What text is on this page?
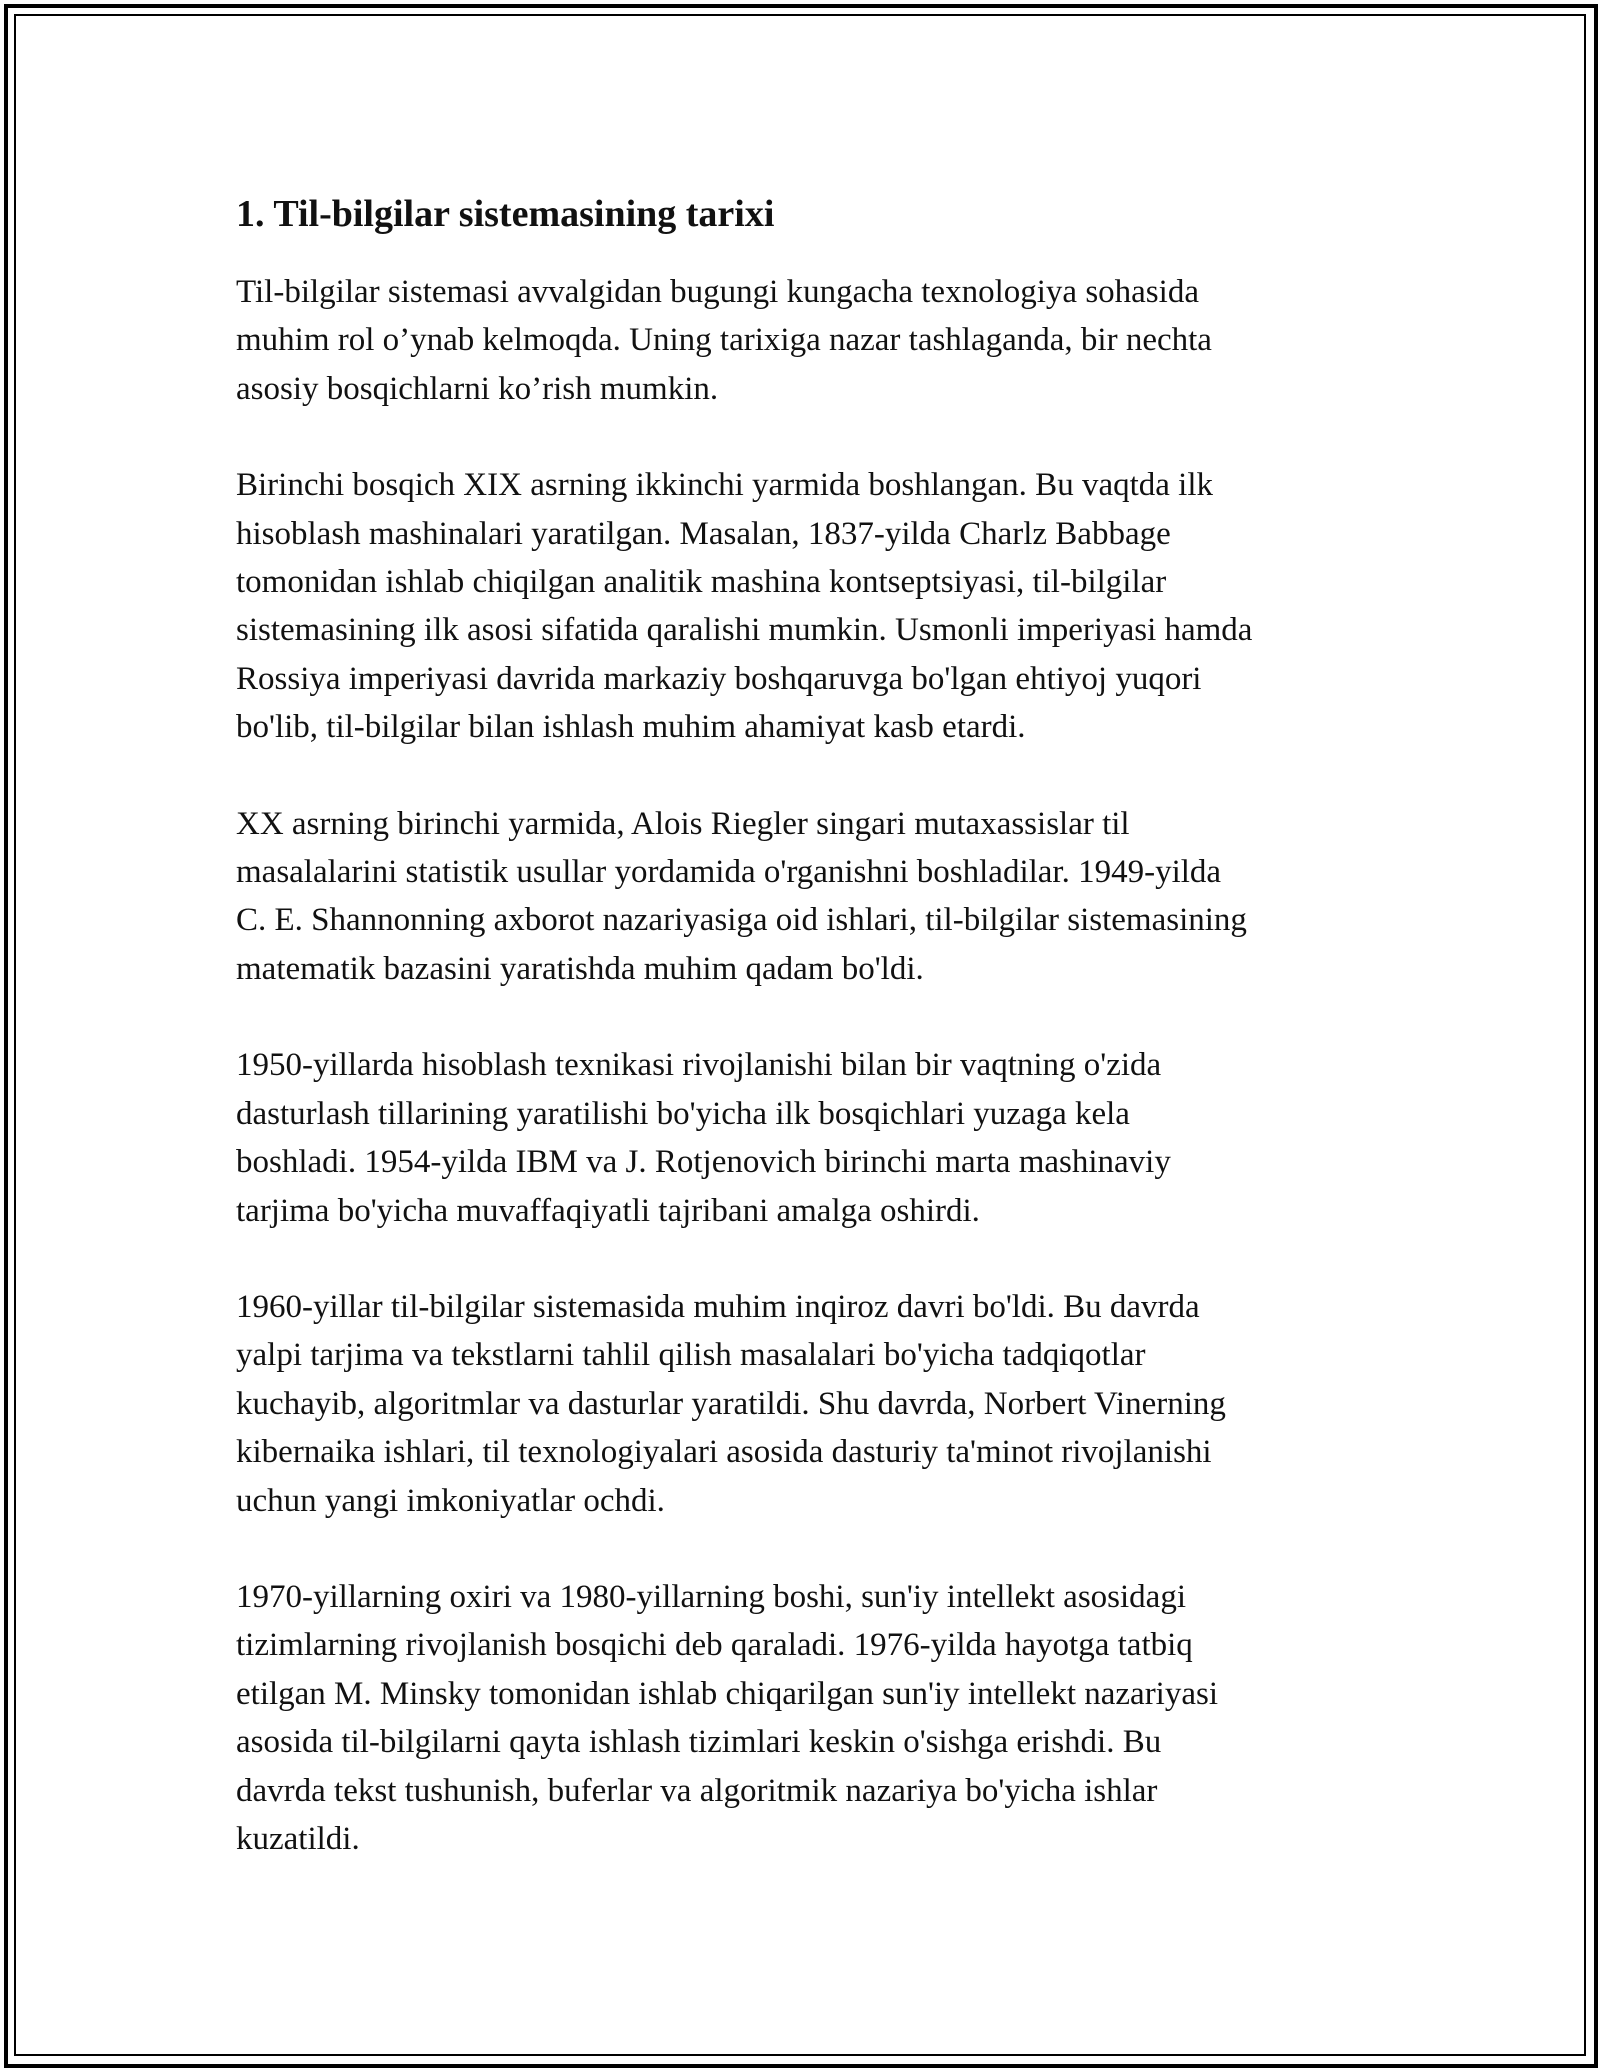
1. Til-bilgilar sistemasining tarixi

Til-bilgilar sistemasi avvalgidan bugungi kungacha texnologiya sohasida
muhim rol o’ynab kelmoqda. Uning tarixiga nazar tashlaganda, bir nechta
asosiy bosqichlarni ko’rish mumkin.

Birinchi bosqich XIX asrning ikkinchi yarmida boshlangan. Bu vaqtda ilk
hisoblash mashinalari yaratilgan. Masalan, 1837-yilda Charlz Babbage
tomonidan ishlab chiqilgan analitik mashina kontseptsiyasi, til-bilgilar
sistemasining ilk asosi sifatida qaralishi mumkin. Usmonli imperiyasi hamda
Rossiya imperiyasi davrida markaziy boshqaruvga bo'lgan ehtiyoj yuqori
bo'lib, til-bilgilar bilan ishlash muhim ahamiyat kasb etardi.

XX asrning birinchi yarmida, Alois Riegler singari mutaxassislar til
masalalarini statistik usullar yordamida o'rganishni boshladilar. 1949-yilda
C. E. Shannonning axborot nazariyasiga oid ishlari, til-bilgilar sistemasining
matematik bazasini yaratishda muhim qadam bo'ldi.

1950-yillarda hisoblash texnikasi rivojlanishi bilan bir vaqtning o'zida
dasturlash tillarining yaratilishi bo'yicha ilk bosqichlari yuzaga kela
boshladi. 1954-yilda IBM va J. Rotjenovich birinchi marta mashinaviy
tarjima bo'yicha muvaffaqiyatli tajribani amalga oshirdi.

1960-yillar til-bilgilar sistemasida muhim inqiroz davri bo'ldi. Bu davrda
yalpi tarjima va tekstlarni tahlil qilish masalalari bo'yicha tadqiqotlar
kuchayib, algoritmlar va dasturlar yaratildi. Shu davrda, Norbert Vinerning
kibernaika ishlari, til texnologiyalari asosida dasturiy ta'minot rivojlanishi
uchun yangi imkoniyatlar ochdi.

1970-yillarning oxiri va 1980-yillarning boshi, sun'iy intellekt asosidagi
tizimlarning rivojlanish bosqichi deb qaraladi. 1976-yilda hayotga tatbiq
etilgan M. Minsky tomonidan ishlab chiqarilgan sun'iy intellekt nazariyasi
asosida til-bilgilarni qayta ishlash tizimlari keskin o'sishga erishdi. Bu
davrda tekst tushunish, buferlar va algoritmik nazariya bo'yicha ishlar
kuzatildi.
